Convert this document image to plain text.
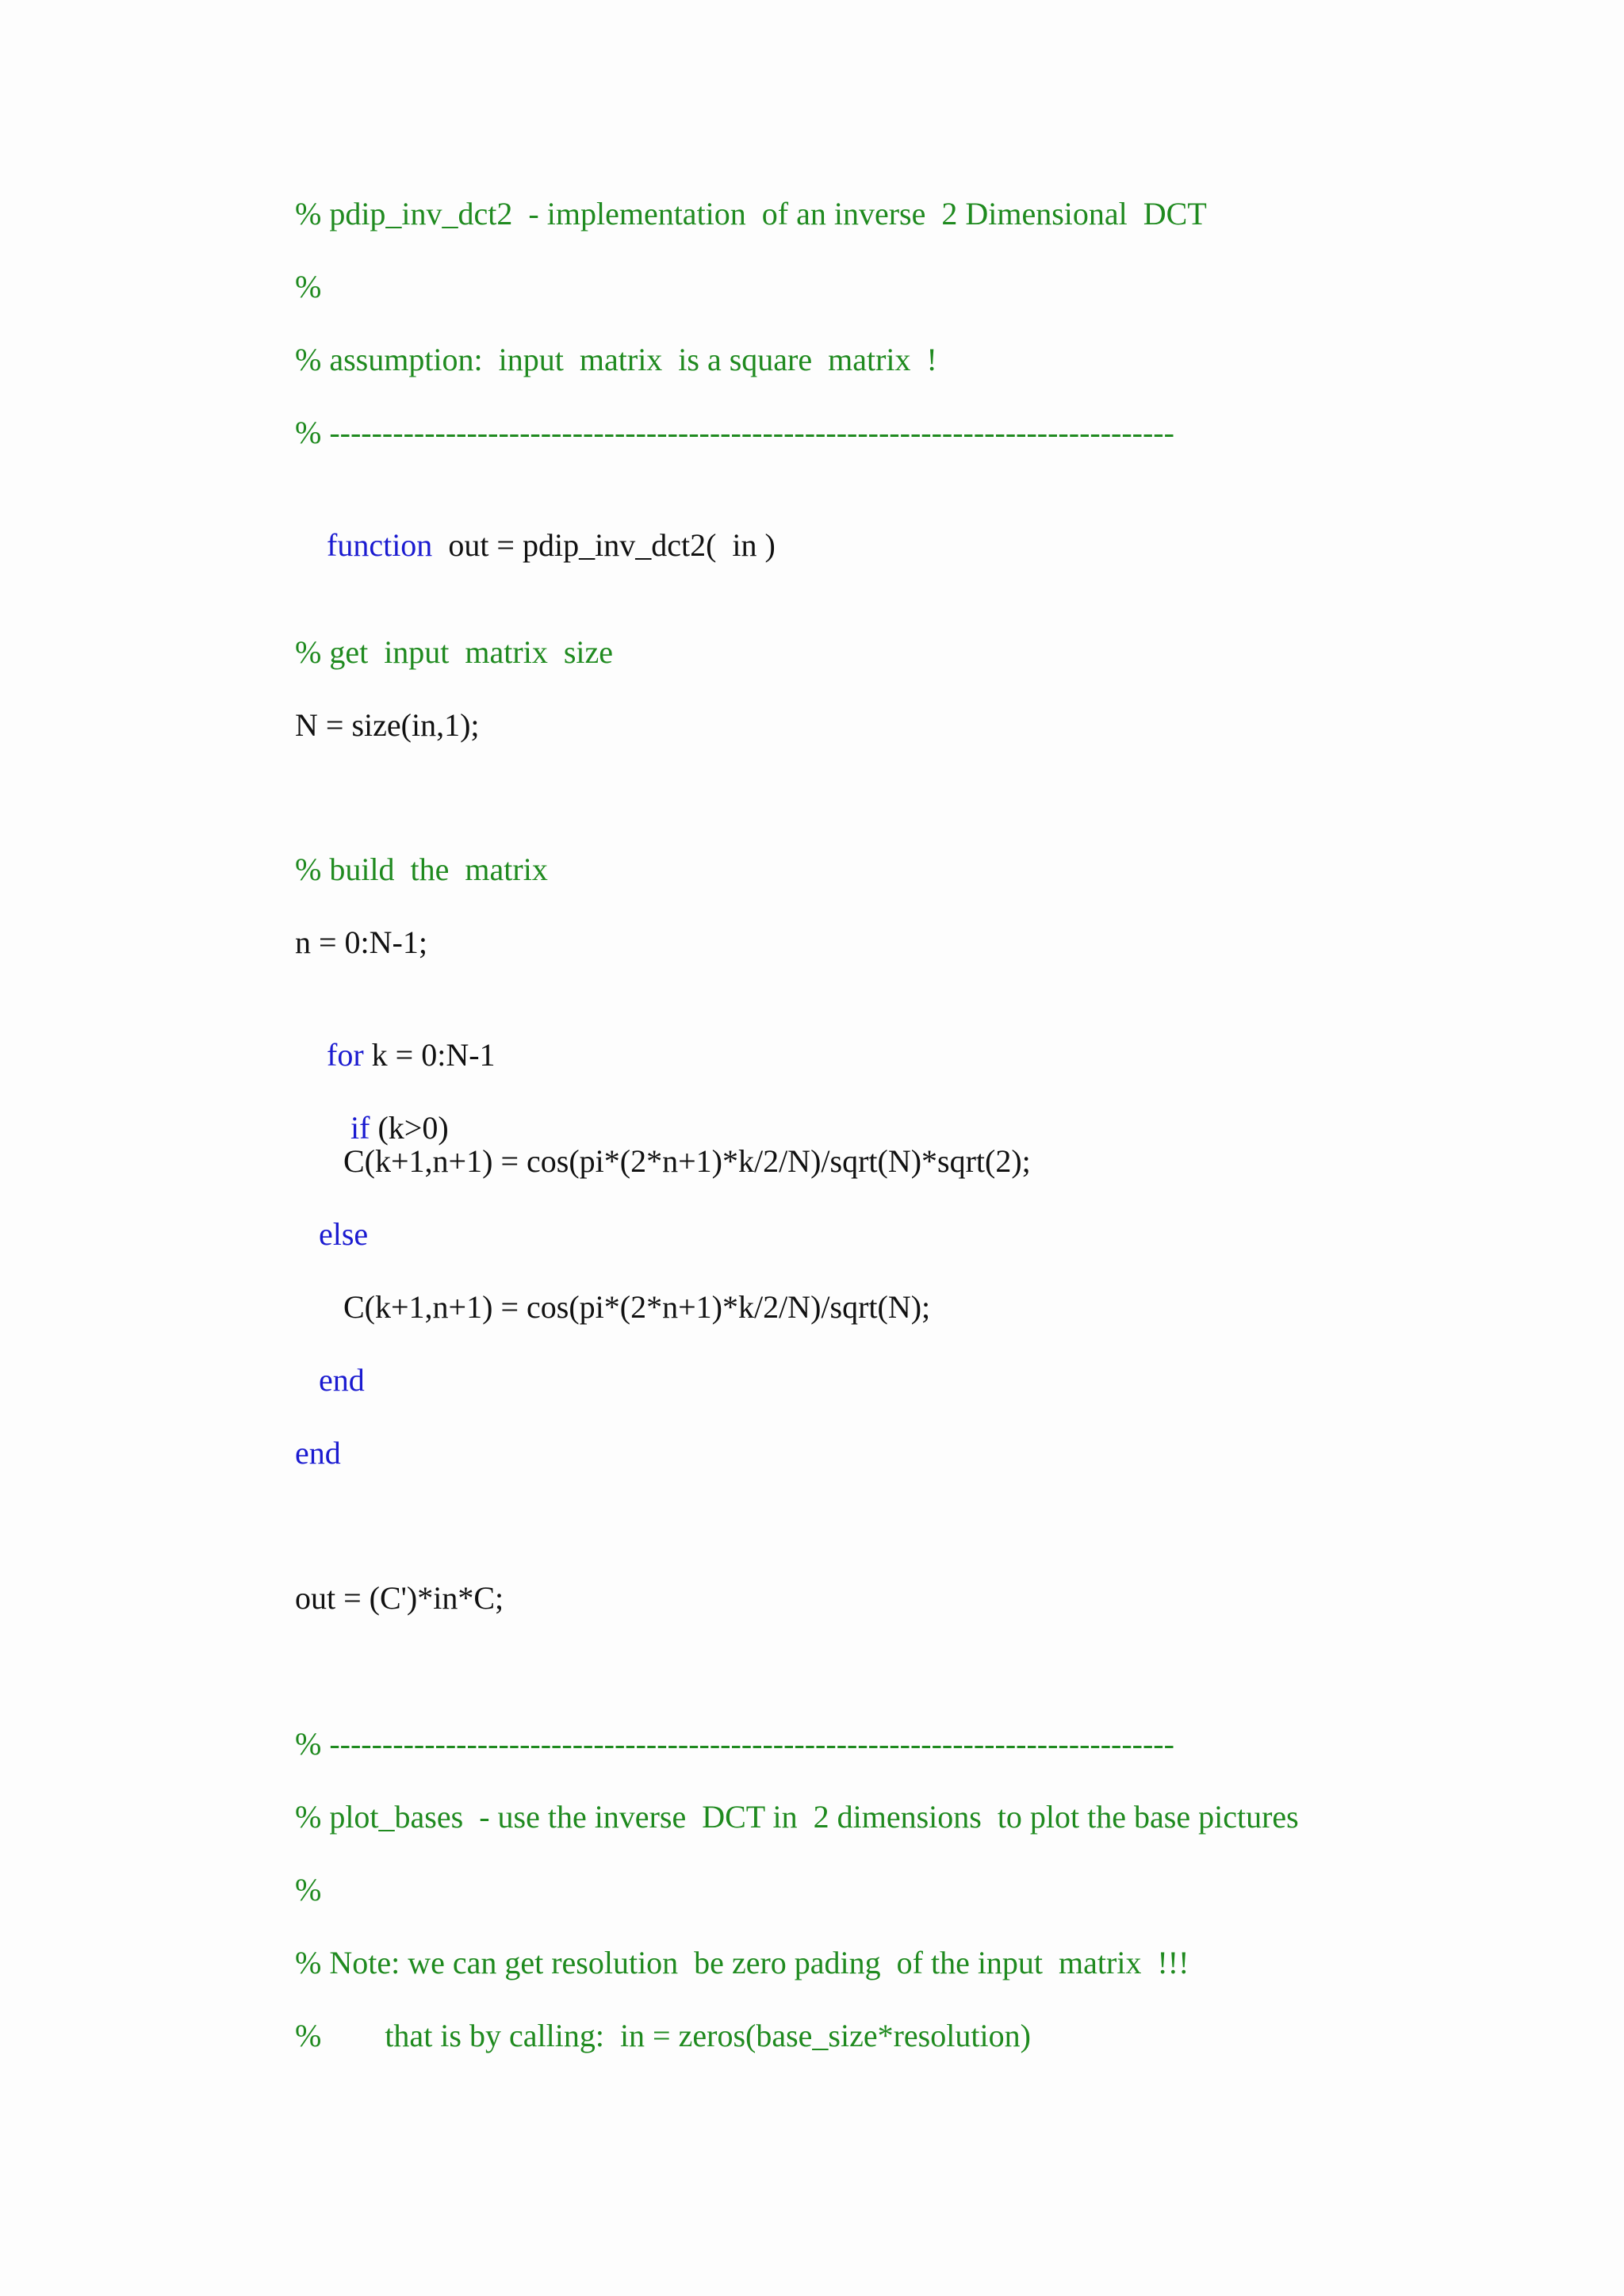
% pdip_inv_dct2  - implementation  of an inverse  2 Dimensional  DCT
%
% assumption:  input  matrix  is a square  matrix  !
% --------------------------------------------------------------------------------

function  out = pdip_inv_dct2(  in )

% get  input  matrix  size
N = size(in,1);
% build  the  matrix
n = 0:N-1;

for k = 0:N-1

if (k>0)

C(k+1,n+1) = cos(pi*(2*n+1)*k/2/N)/sqrt(N)*sqrt(2);
else
C(k+1,n+1) = cos(pi*(2*n+1)*k/2/N)/sqrt(N);
end
end
out = (C')*in*C;
% --------------------------------------------------------------------------------
% plot_bases  - use the inverse  DCT in  2 dimensions  to plot the base pictures
%
% Note: we can get resolution  be zero pading  of the input  matrix  !!!
%        that is by calling:  in = zeros(base_size*resolution)
